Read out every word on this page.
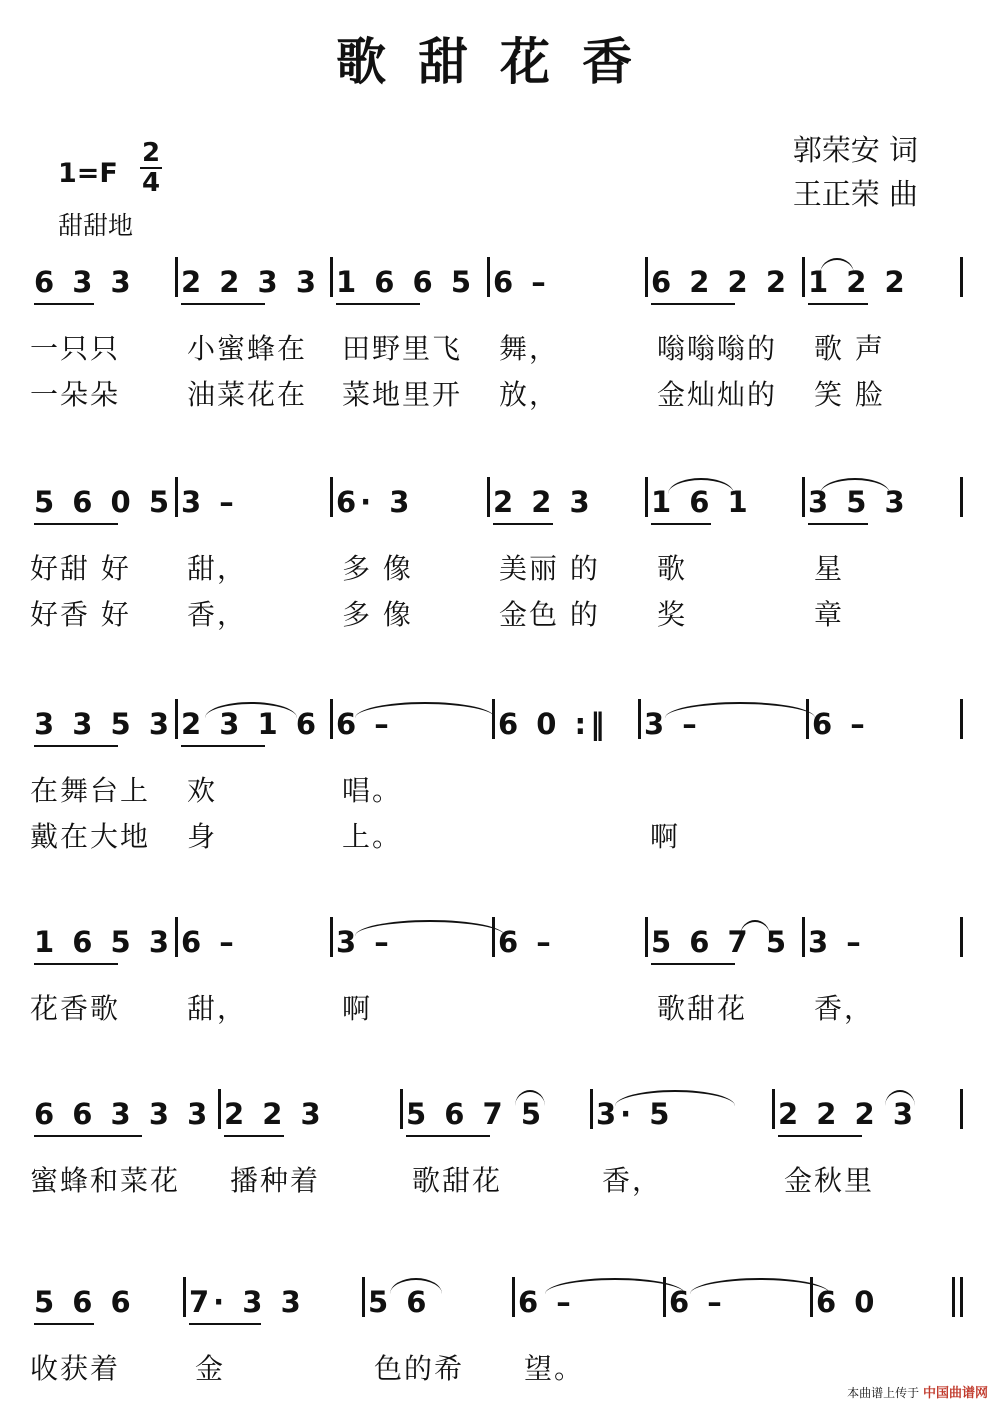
歌甜花香
郭荣安 词
王正荣 曲
1=F
2
4
甜甜地
6 3 3 2 2 3 3 1 6 6 5 6 –	6 2 2 2 1 2 2
一只只 小蜜蜂在 田野里飞 舞，	嗡嗡嗡的 歌 声
一朵朵 油菜花在 菜地里开 放，	金灿灿的 笑 脸
5 6 0 5 3 –	6· 3	2 2 3 1 6 1 3 5 3
好甜 好 甜，	多 像	美丽 的 歌	星
好香 好 香，	多 像	金色 的 奖	章
3 3 5 3 2 3 1 6 6 –	6 0 :‖ 3 –	6 –
在舞台上 欢	唱。
戴在大地 身	上。	啊
1 6 5 3 6 –	3 –	6 –	5 6 7 5 3 –
花香歌 甜，	啊	歌甜花 香，
6 6 3 3 3 2 2 3	5 6 7 5 3· 5	2 2 2 3
蜜蜂和菜花 播种着	歌甜花	香，	金秋里
5 6 6 7· 3 3 5 6	6 –	6 –	6 0
收获着	金	色的希 望。
本曲谱上传于 中国曲谱网
